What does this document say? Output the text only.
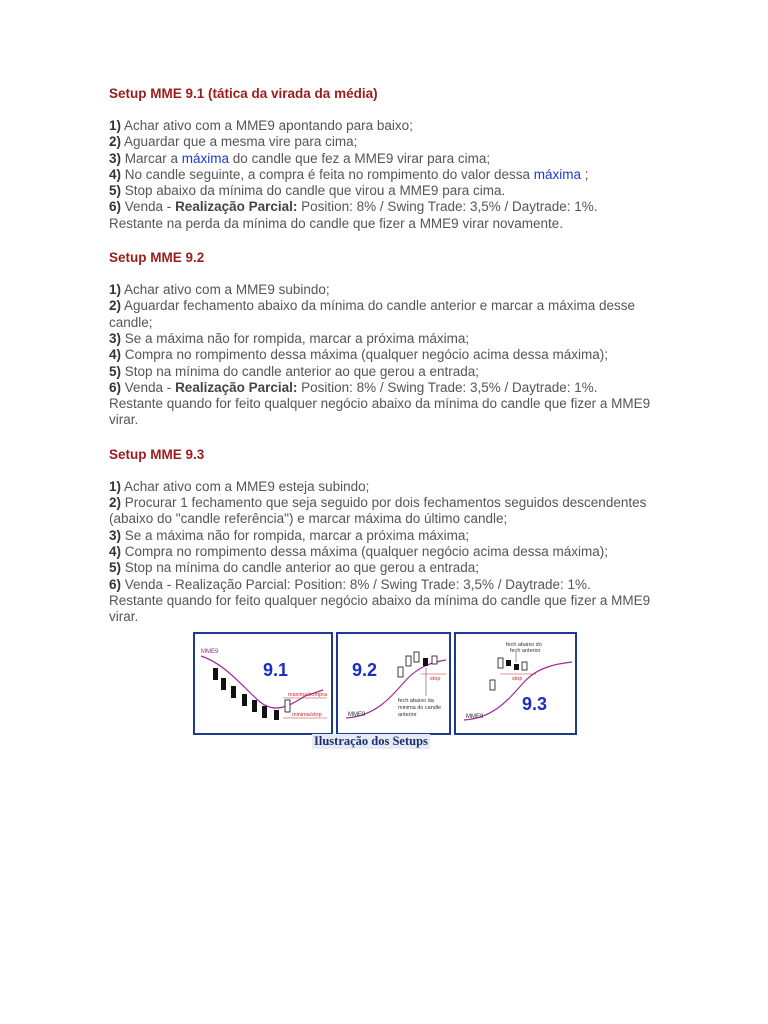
Setup MME 9.1 (tática da virada da média)

1) Achar ativo com a MME9 apontando para baixo;
2) Aguardar que a mesma vire para cima;
3) Marcar a máxima do candle que fez a MME9 virar para cima;
4) No candle seguinte, a compra é feita no rompimento do valor dessa máxima ;
5) Stop abaixo da mínima do candle que virou a MME9 para cima.
6) Venda - Realização Parcial: Position: 8% / Swing Trade: 3,5% / Daytrade: 1%.
Restante na perda da mínima do candle que fizer a MME9 virar novamente.

Setup MME 9.2

1) Achar ativo com a MME9 subindo;
2) Aguardar fechamento abaixo da mínima do candle anterior e marcar a máxima desse candle;
3) Se a máxima não for rompida, marcar a próxima máxima;
4) Compra no rompimento dessa máxima (qualquer negócio acima dessa máxima);
5) Stop na mínima do candle anterior ao que gerou a entrada;
6) Venda - Realização Parcial: Position: 8% / Swing Trade: 3,5% / Daytrade: 1%.
Restante quando for feito qualquer negócio abaixo da mínima do candle que fizer a MME9 virar.

Setup MME 9.3

1) Achar ativo com a MME9 esteja subindo;
2) Procurar 1 fechamento que seja seguido por dois fechamentos seguidos descendentes (abaixo do "candle referência") e marcar máxima do último candle;
3) Se a máxima não for rompida, marcar a próxima máxima;
4) Compra no rompimento dessa máxima (qualquer negócio acima dessa máxima);
5) Stop na mínima do candle anterior ao que gerou a entrada;
6) Venda - Realização Parcial: Position: 8% / Swing Trade: 3,5% / Daytrade: 1%.
Restante quando for feito qualquer negócio abaixo da mínima do candle que fizer a MME9 virar.
MME9
9.1
maxima/compra
minima/stop	MME9
9.2	stop
fech abaixo da
minima do candle
anterior	MME9
9.3
stop
fech abaixo do
fech anterior
Ilustração dos Setups
